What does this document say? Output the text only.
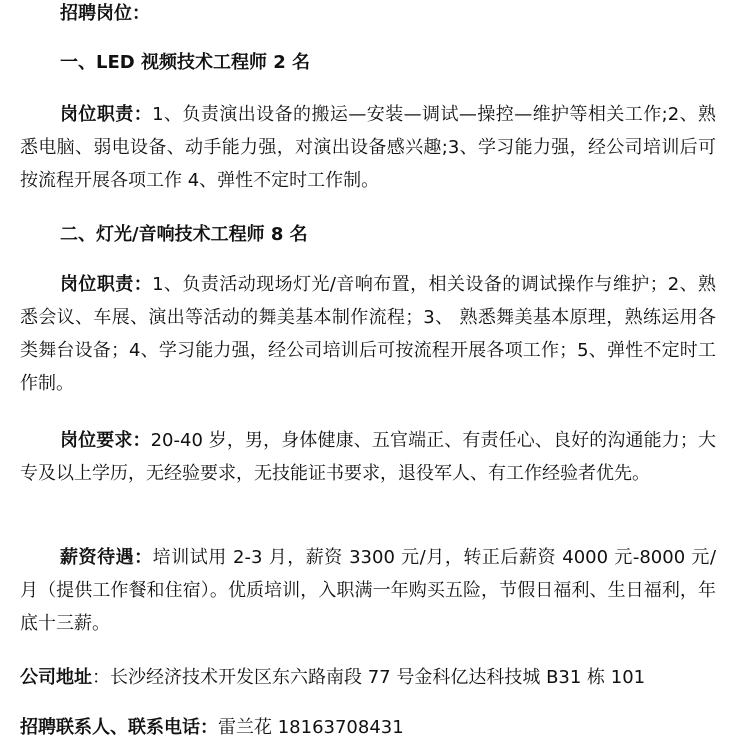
招聘岗位：
一、LED 视频技术工程师 2 名
岗位职责：1、负责演出设备的搬运—安装—调试—操控—维护等相关工作;2、熟悉电脑、弱电设备、动手能力强，对演出设备感兴趣;3、学习能力强，经公司培训后可按流程开展各项工作 4、弹性不定时工作制。
二、灯光/音响技术工程师 8 名
岗位职责：1、负责活动现场灯光/音响布置，相关设备的调试操作与维护；2、熟悉会议、车展、演出等活动的舞美基本制作流程；3、 熟悉舞美基本原理，熟练运用各类舞台设备；4、学习能力强，经公司培训后可按流程开展各项工作；5、弹性不定时工作制。
岗位要求：20-40 岁，男，身体健康、五官端正、有责任心、良好的沟通能力；大专及以上学历，无经验要求，无技能证书要求，退役军人、有工作经验者优先。
薪资待遇：培训试用 2-3 月，薪资 3300 元/月，转正后薪资 4000 元-8000 元/月（提供工作餐和住宿）。优质培训，入职满一年购买五险，节假日福利、生日福利，年底十三薪。
公司地址：长沙经济技术开发区东六路南段 77 号金科亿达科技城 B31 栋 101
招聘联系人、联系电话：雷兰花 18163708431
